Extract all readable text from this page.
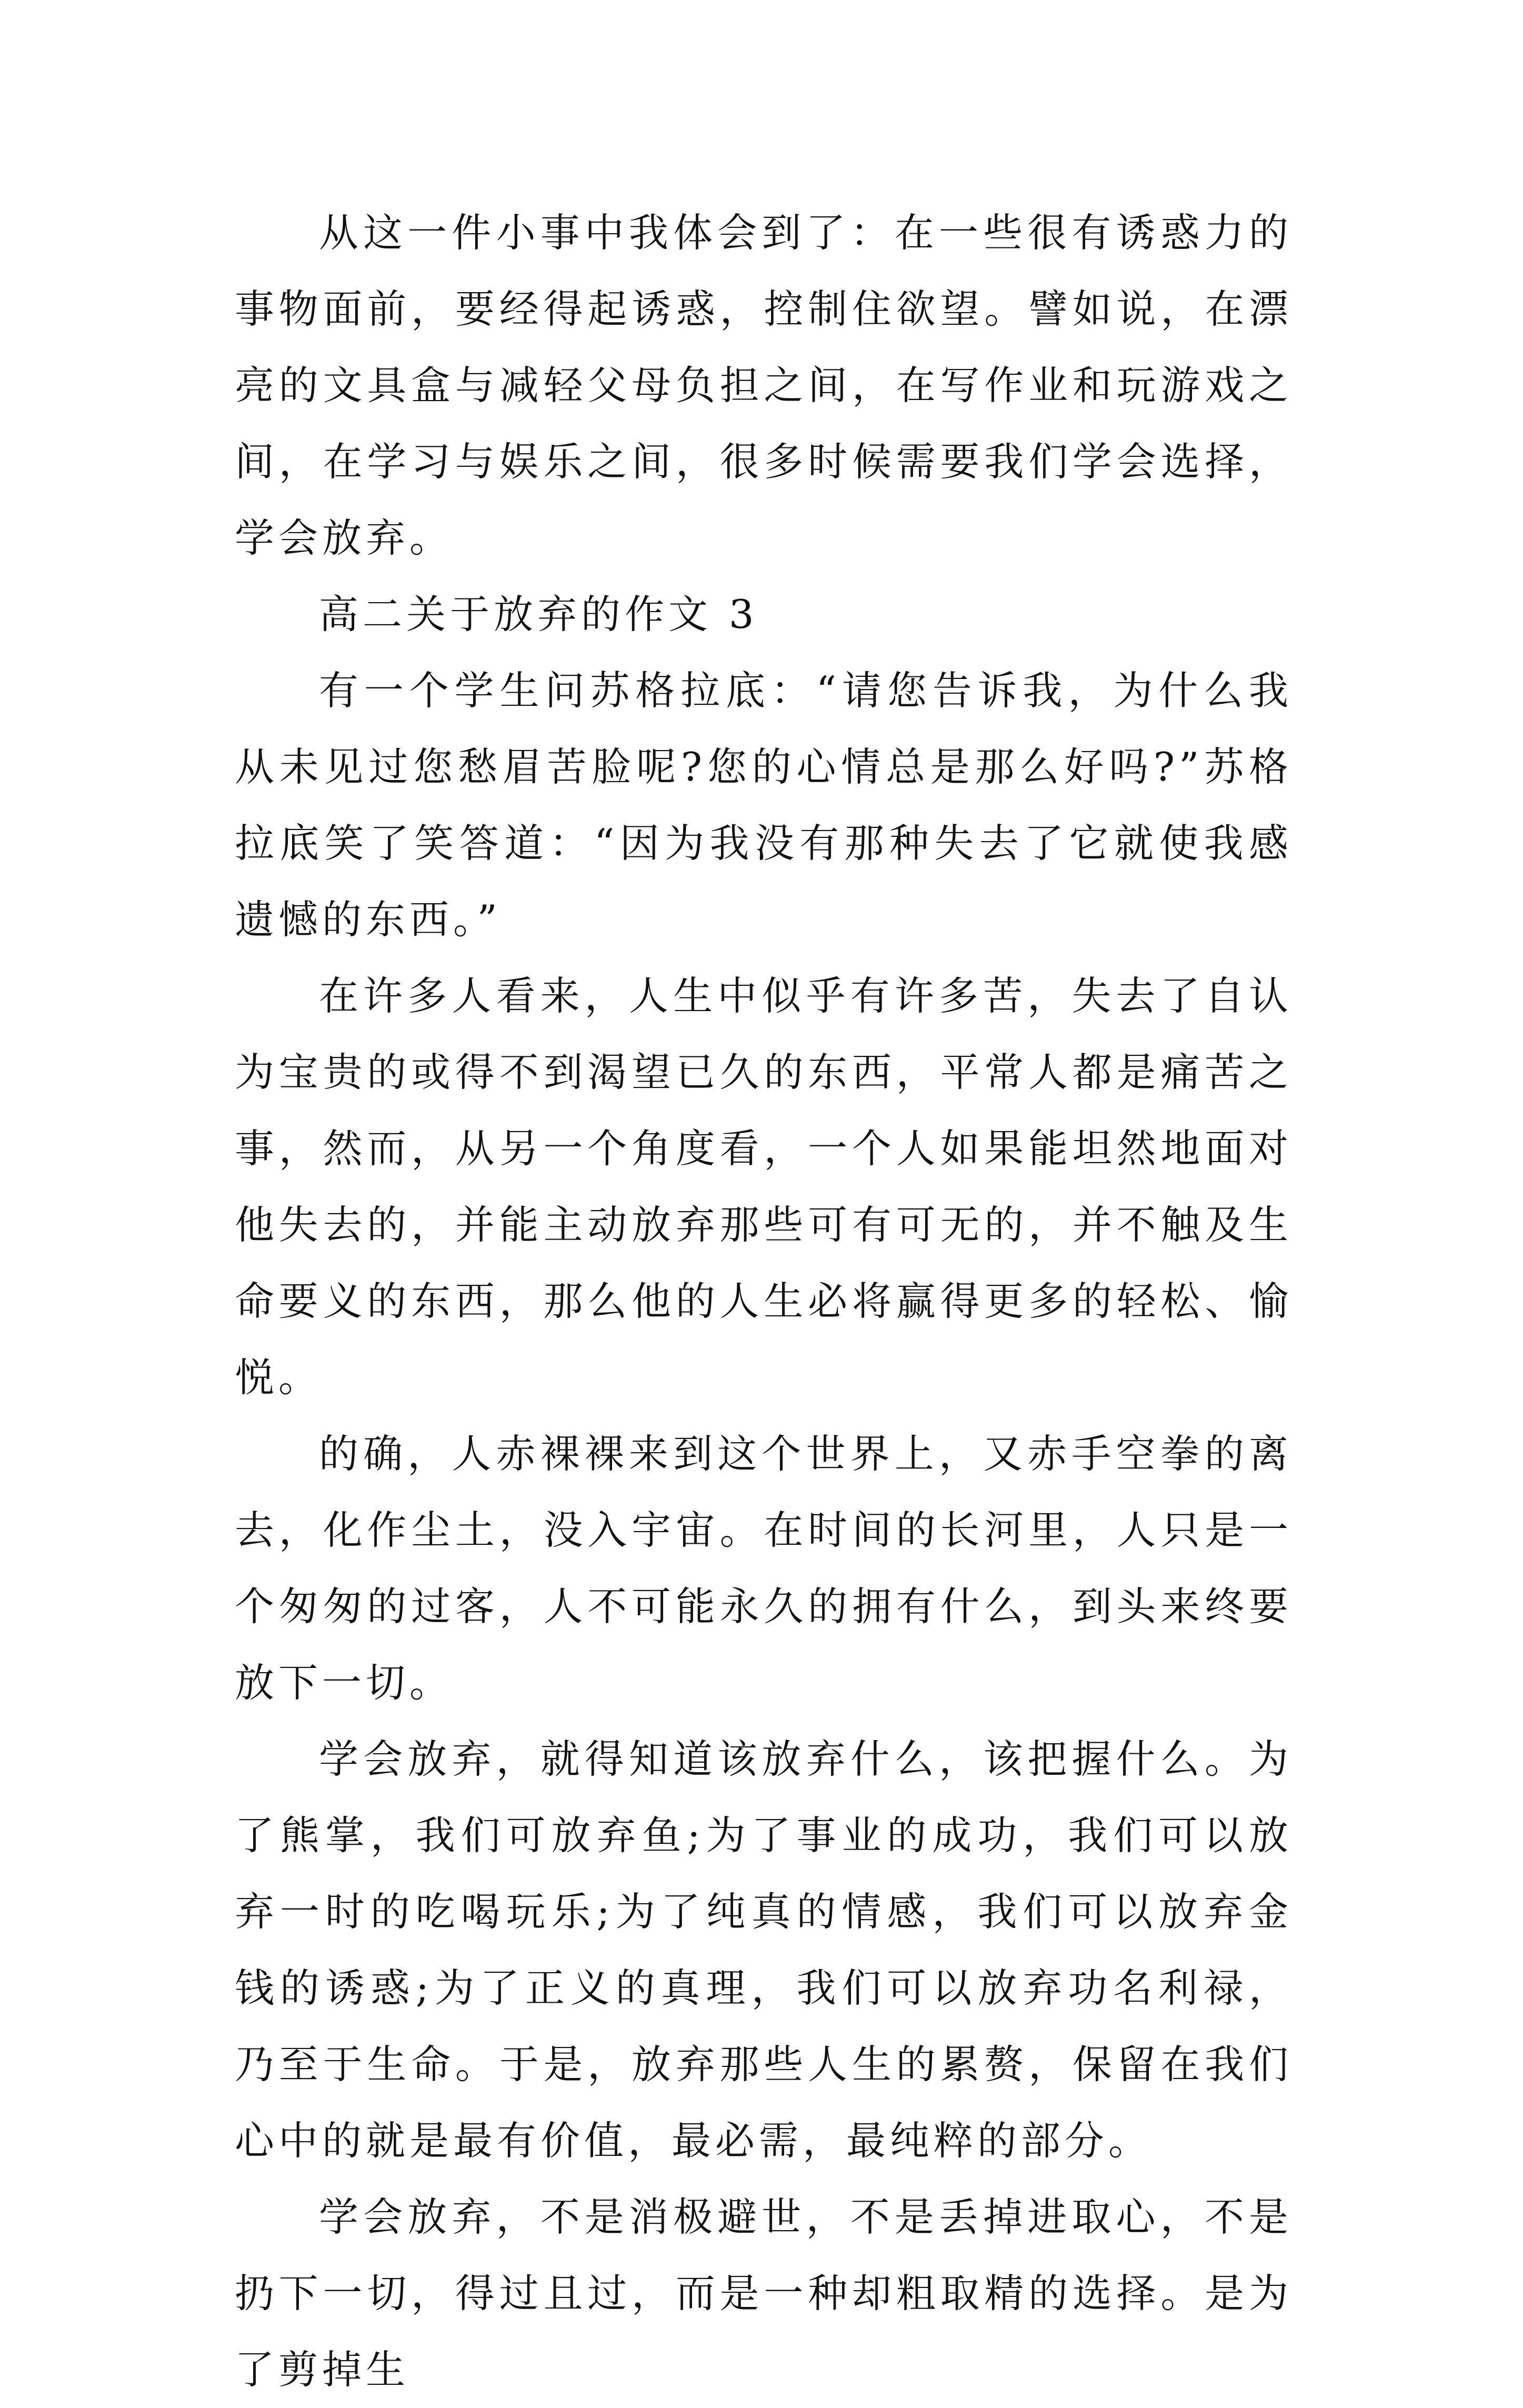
从这一件小事中我体会到了：在一些很有诱惑力的事物面前，要经得起诱惑，控制住欲望。譬如说，在漂亮的文具盒与减轻父母负担之间，在写作业和玩游戏之间，在学习与娱乐之间，很多时候需要我们学会选择，学会放弃。

高二关于放弃的作文 3

有一个学生问苏格拉底：“请您告诉我，为什么我从未见过您愁眉苦脸呢?您的心情总是那么好吗?”苏格拉底笑了笑答道：“因为我没有那种失去了它就使我感遗憾的东西。”

在许多人看来，人生中似乎有许多苦，失去了自认为宝贵的或得不到渴望已久的东西，平常人都是痛苦之事，然而，从另一个角度看，一个人如果能坦然地面对他失去的，并能主动放弃那些可有可无的，并不触及生命要义的东西，那么他的人生必将赢得更多的轻松、愉悦。

的确，人赤裸裸来到这个世界上，又赤手空拳的离去，化作尘土，没入宇宙。在时间的长河里，人只是一个匆匆的过客，人不可能永久的拥有什么，到头来终要放下一切。

学会放弃，就得知道该放弃什么，该把握什么。为了熊掌，我们可放弃鱼;为了事业的成功，我们可以放弃一时的吃喝玩乐;为了纯真的情感，我们可以放弃金钱的诱惑;为了正义的真理，我们可以放弃功名利禄，乃至于生命。于是，放弃那些人生的累赘，保留在我们心中的就是最有价值，最必需，最纯粹的部分。

学会放弃，不是消极避世，不是丢掉进取心，不是扔下一切，得过且过，而是一种却粗取精的选择。是为了剪掉生
